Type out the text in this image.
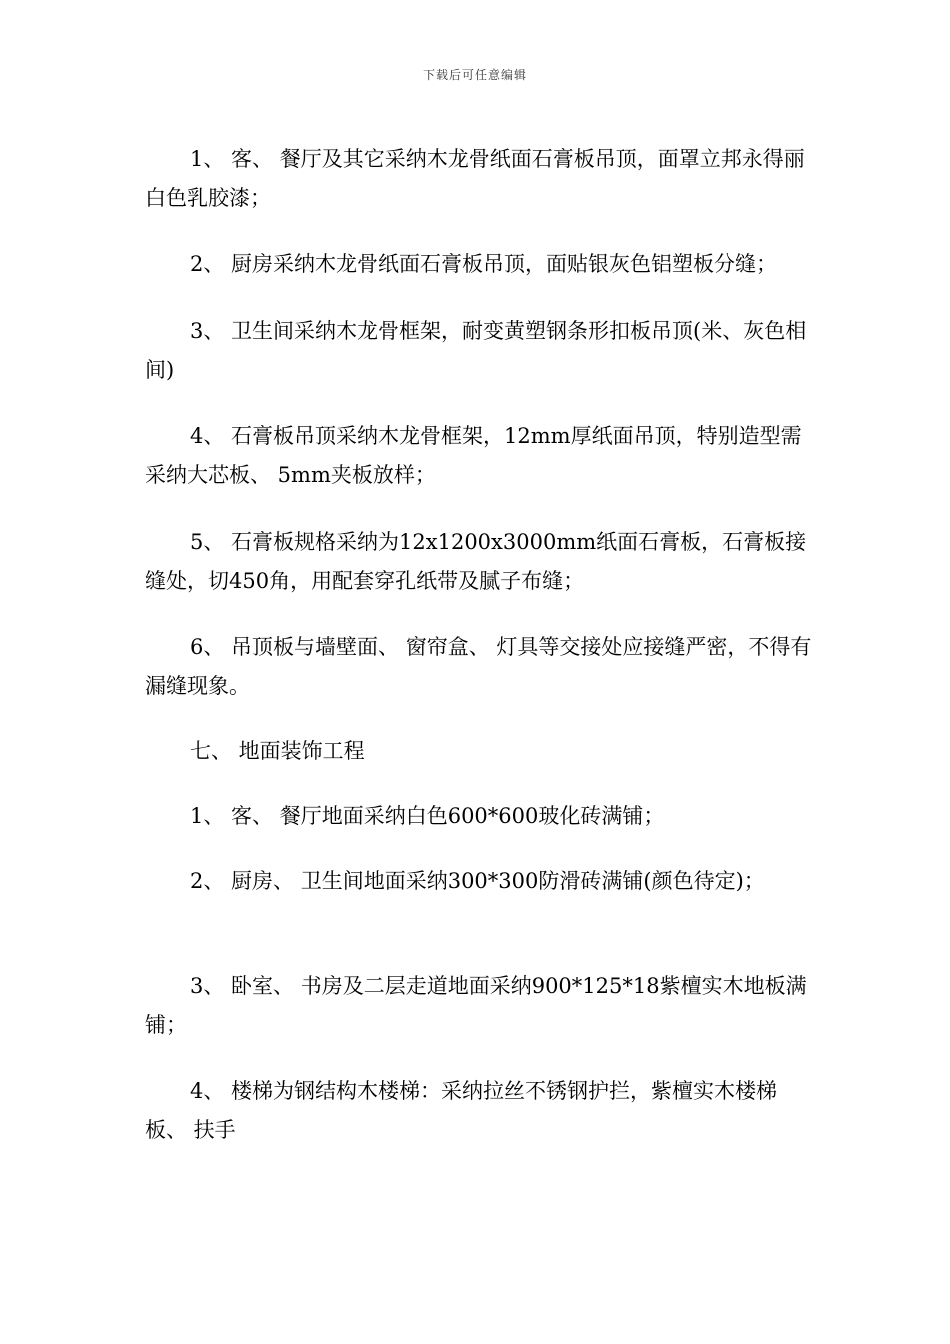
下载后可任意编辑

1、 客、 餐厅及其它采纳木龙骨纸面石膏板吊顶，面罩立邦永得丽白色乳胶漆；

2、 厨房采纳木龙骨纸面石膏板吊顶，面贴银灰色铝塑板分缝；

3、 卫生间采纳木龙骨框架，耐变黄塑钢条形扣板吊顶(米、灰色相间)

4、 石膏板吊顶采纳木龙骨框架，12mm厚纸面吊顶，特别造型需采纳大芯板、 5mm夹板放样；

5、 石膏板规格采纳为12x1200x3000mm纸面石膏板，石膏板接缝处，切450角，用配套穿孔纸带及腻子布缝；

6、 吊顶板与墙壁面、 窗帘盒、 灯具等交接处应接缝严密，不得有漏缝现象。

七、 地面装饰工程

1、 客、 餐厅地面采纳白色600*600玻化砖满铺；

2、 厨房、 卫生间地面采纳300*300防滑砖满铺(颜色待定)；

3、 卧室、 书房及二层走道地面采纳900*125*18紫檀实木地板满铺；

4、 楼梯为钢结构木楼梯：采纳拉丝不锈钢护拦，紫檀实木楼梯板、 扶手
